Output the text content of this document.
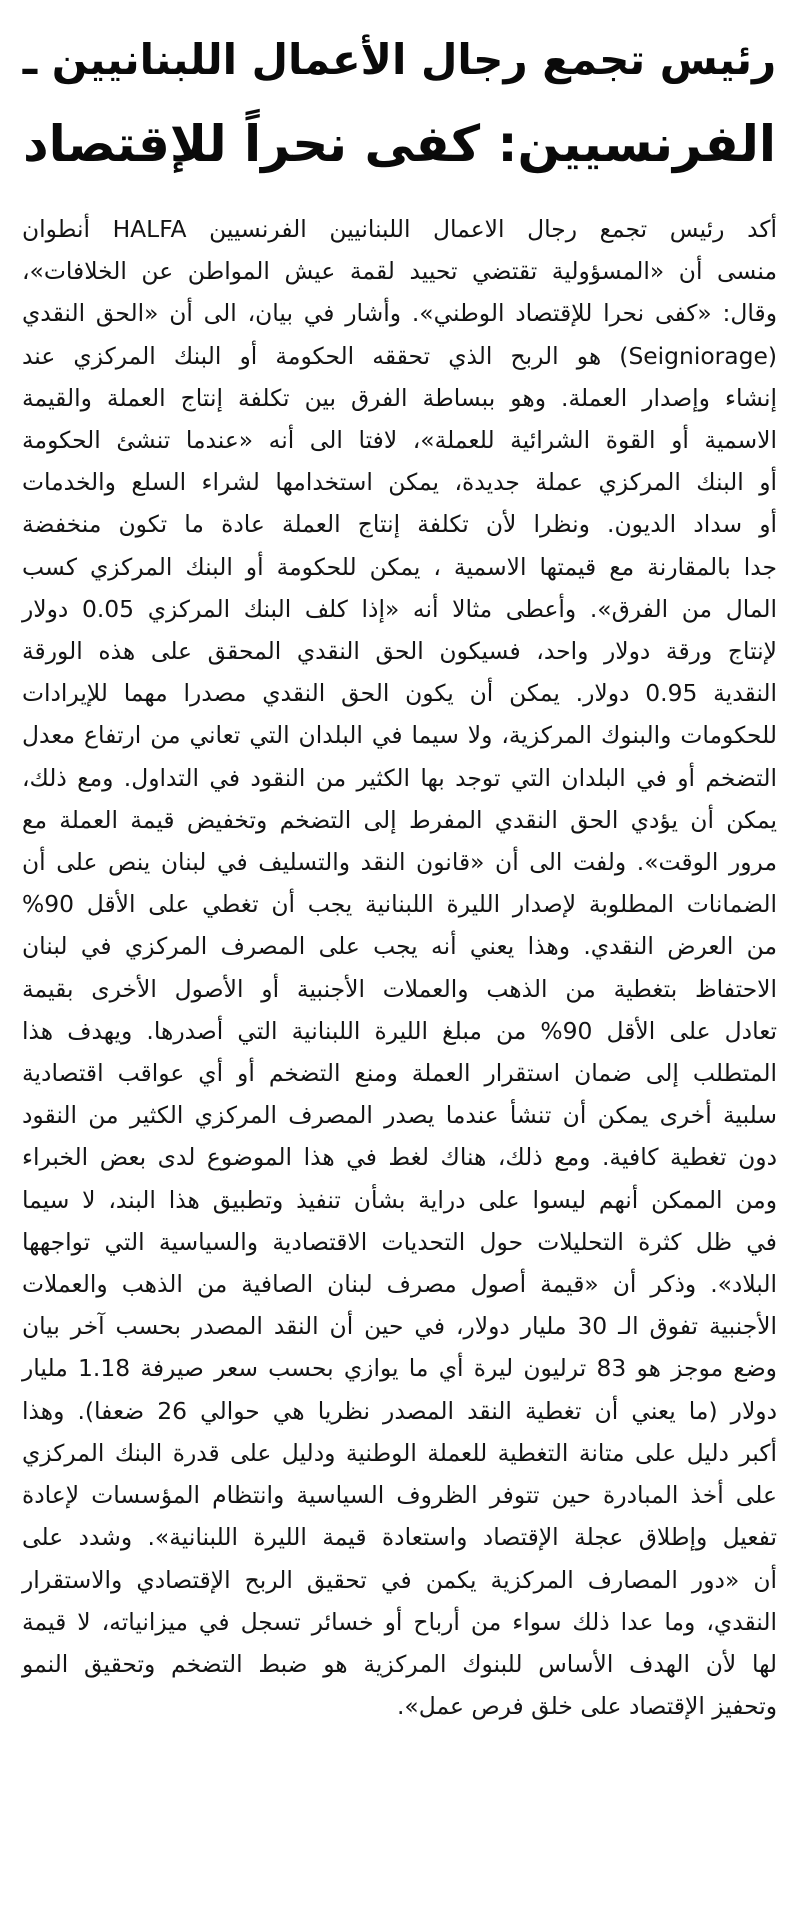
رئيس تجمع رجال الأعمال اللبنانيين ـ
الفرنسيين: كفى نحراً للإقتصاد
أكد رئيس تجمع رجال الاعمال اللبنانيين الفرنسيين HALFA أنطوان
منسى أن «المسؤولية تقتضي تحييد لقمة عيش المواطن عن الخلافات»،
وقال: «كفى نحرا للإقتصاد الوطني». وأشار في بيان، الى أن «الحق النقدي
(Seigniorage) هو الربح الذي تحققه الحكومة أو البنك المركزي عند
إنشاء وإصدار العملة. وهو ببساطة الفرق بين تكلفة إنتاج العملة والقيمة
الاسمية أو القوة الشرائية للعملة»، لافتا الى أنه «عندما تنشئ الحكومة
أو البنك المركزي عملة جديدة، يمكن استخدامها لشراء السلع والخدمات
أو سداد الديون. ونظرا لأن تكلفة إنتاج العملة عادة ما تكون منخفضة
جدا بالمقارنة مع قيمتها الاسمية ، يمكن للحكومة أو البنك المركزي كسب
المال من الفرق». وأعطى مثالا أنه «إذا كلف البنك المركزي 0.05 دولار
لإنتاج ورقة دولار واحد، فسيكون الحق النقدي المحقق على هذه الورقة
النقدية 0.95 دولار. يمكن أن يكون الحق النقدي مصدرا مهما للإيرادات
للحكومات والبنوك المركزية، ولا سيما في البلدان التي تعاني من ارتفاع معدل
التضخم أو في البلدان التي توجد بها الكثير من النقود في التداول. ومع ذلك،
يمكن أن يؤدي الحق النقدي المفرط إلى التضخم وتخفيض قيمة العملة مع
مرور الوقت». ولفت الى أن «قانون النقد والتسليف في لبنان ينص على أن
الضمانات المطلوبة لإصدار الليرة اللبنانية يجب أن تغطي على الأقل 90%
من العرض النقدي. وهذا يعني أنه يجب على المصرف المركزي في لبنان
الاحتفاظ بتغطية من الذهب والعملات الأجنبية أو الأصول الأخرى بقيمة
تعادل على الأقل 90% من مبلغ الليرة اللبنانية التي أصدرها. ويهدف هذا
المتطلب إلى ضمان استقرار العملة ومنع التضخم أو أي عواقب اقتصادية
سلبية أخرى يمكن أن تنشأ عندما يصدر المصرف المركزي الكثير من النقود
دون تغطية كافية. ومع ذلك، هناك لغط في هذا الموضوع لدى بعض الخبراء
ومن الممكن أنهم ليسوا على دراية بشأن تنفيذ وتطبيق هذا البند، لا سيما
في ظل كثرة التحليلات حول التحديات الاقتصادية والسياسية التي تواجهها
البلاد». وذكر أن «قيمة أصول مصرف لبنان الصافية من الذهب والعملات
الأجنبية تفوق الـ 30 مليار دولار، في حين أن النقد المصدر بحسب آخر بيان
وضع موجز هو 83 ترليون ليرة أي ما يوازي بحسب سعر صيرفة 1.18 مليار
دولار (ما يعني أن تغطية النقد المصدر نظريا هي حوالي 26 ضعفا). وهذا
أكبر دليل على متانة التغطية للعملة الوطنية ودليل على قدرة البنك المركزي
على أخذ المبادرة حين تتوفر الظروف السياسية وانتظام المؤسسات لإعادة
تفعيل وإطلاق عجلة الإقتصاد واستعادة قيمة الليرة اللبنانية». وشدد على
أن «دور المصارف المركزية يكمن في تحقيق الربح الإقتصادي والاستقرار
النقدي، وما عدا ذلك سواء من أرباح أو خسائر تسجل في ميزانياته، لا قيمة
لها لأن الهدف الأساس للبنوك المركزية هو ضبط التضخم وتحقيق النمو
وتحفيز الإقتصاد على خلق فرص عمل».
